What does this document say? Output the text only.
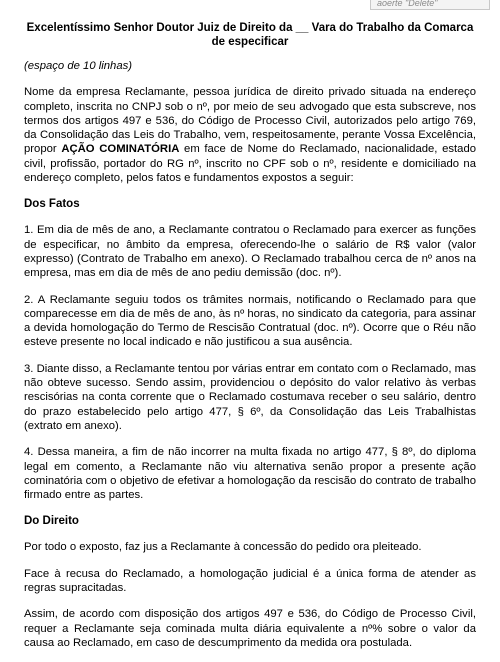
aoerte "Delete"
Excelentíssimo Senhor Doutor Juiz de Direito da __ Vara do Trabalho da Comarca de especificar
(espaço de 10 linhas)

Nome da empresa Reclamante, pessoa jurídica de direito privado situada na endereço completo, inscrita no CNPJ sob o nº, por meio de seu advogado que esta subscreve, nos termos dos artigos 497 e 536, do Código de Processo Civil, autorizados pelo artigo 769, da Consolidação das Leis do Trabalho, vem, respeitosamente, perante Vossa Excelência, propor AÇÃO COMINATÓRIA em face de Nome do Reclamado, nacionalidade, estado civil, profissão, portador do RG nº, inscrito no CPF sob o nº, residente e domiciliado na endereço completo, pelos fatos e fundamentos expostos a seguir:

Dos Fatos

1. Em dia de mês de ano, a Reclamante contratou o Reclamado para exercer as funções de especificar, no âmbito da empresa, oferecendo-lhe o salário de R$ valor (valor expresso) (Contrato de Trabalho em anexo). O Reclamado trabalhou cerca de nº anos na empresa, mas em dia de mês de ano pediu demissão (doc. nº).

2. A Reclamante seguiu todos os trâmites normais, notificando o Reclamado para que comparecesse em dia de mês de ano, às nº horas, no sindicato da categoria, para assinar a devida homologação do Termo de Rescisão Contratual (doc. nº). Ocorre que o Réu não esteve presente no local indicado e não justificou a sua ausência.

3. Diante disso, a Reclamante tentou por várias entrar em contato com o Reclamado, mas não obteve sucesso. Sendo assim, providenciou o depósito do valor relativo às verbas rescisórias na conta corrente que o Reclamado costumava receber o seu salário, dentro do prazo estabelecido pelo artigo 477, § 6º, da Consolidação das Leis Trabalhistas (extrato em anexo).

4. Dessa maneira, a fim de não incorrer na multa fixada no artigo 477, § 8º, do diploma legal em comento, a Reclamante não viu alternativa senão propor a presente ação cominatória com o objetivo de efetivar a homologação da rescisão do contrato de trabalho firmado entre as partes.

Do Direito

Por todo o exposto, faz jus a Reclamante à concessão do pedido ora pleiteado.

Face à recusa do Reclamado, a homologação judicial é a única forma de atender as regras supracitadas.

Assim, de acordo com disposição dos artigos 497 e 536, do Código de Processo Civil, requer a Reclamante seja cominada multa diária equivalente a nº% sobre o valor da causa ao Reclamado, em caso de descumprimento da medida ora postulada.
